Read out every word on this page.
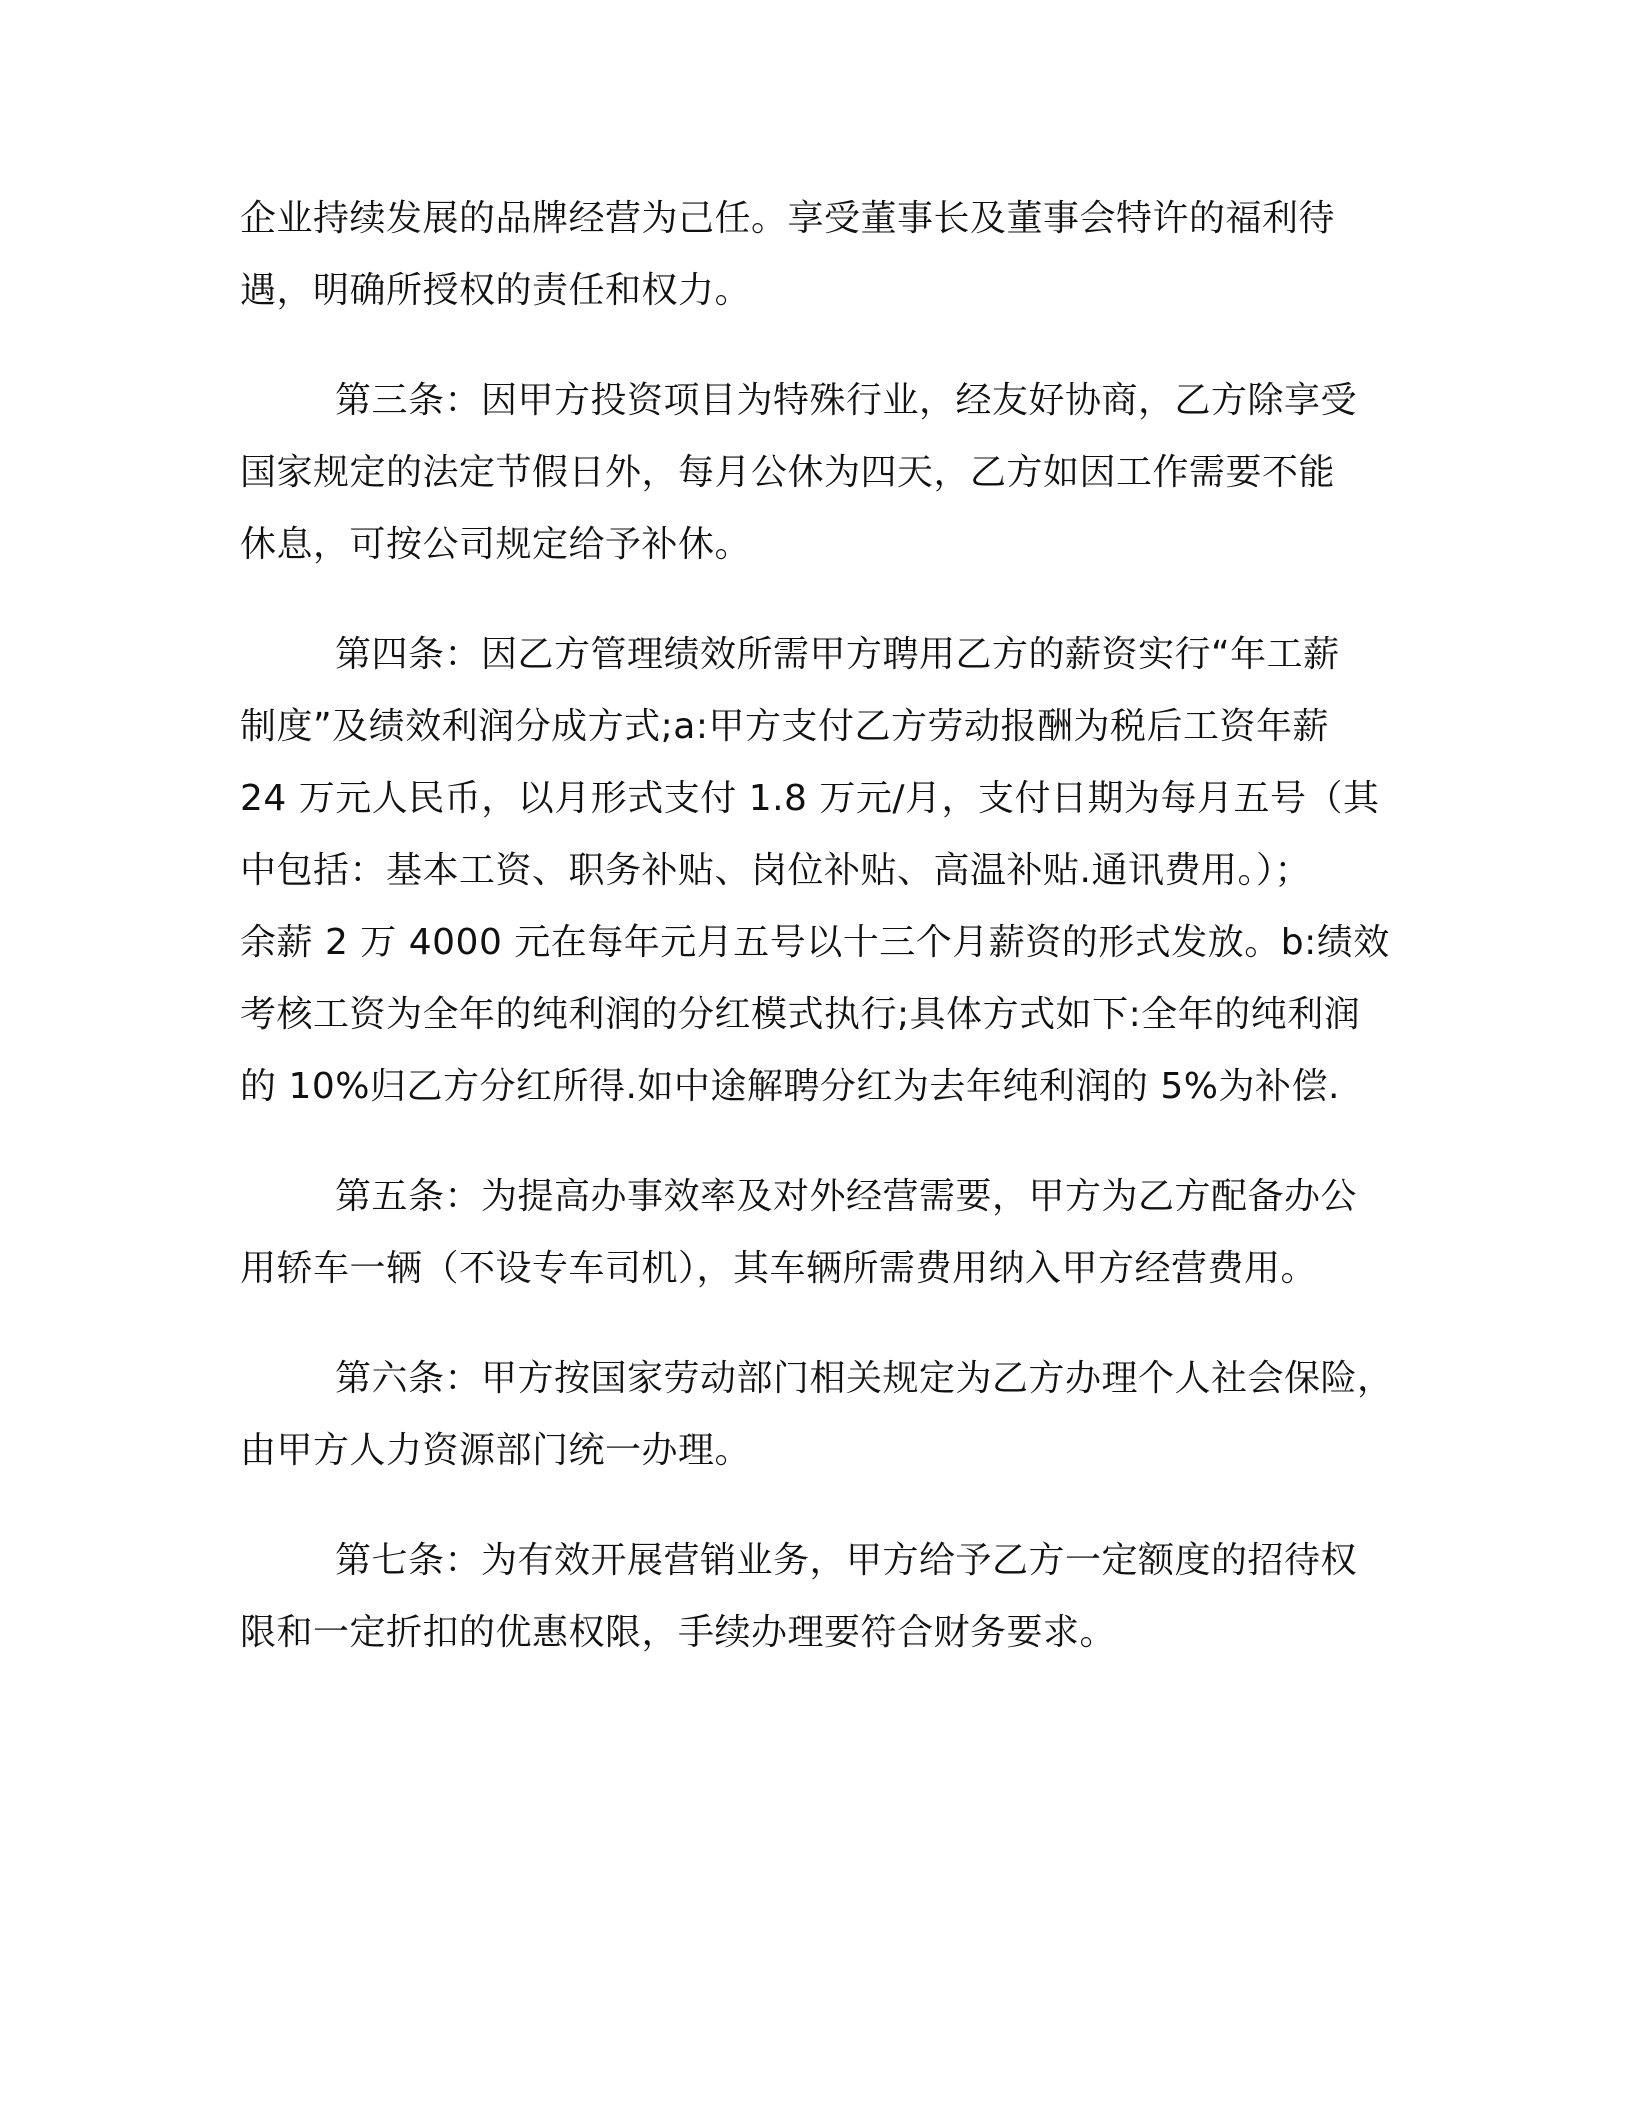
企业持续发展的品牌经营为己任。享受董事长及董事会特许的福利待
遇，明确所授权的责任和权力。

第三条：因甲方投资项目为特殊行业，经友好协商，乙方除享受
国家规定的法定节假日外，每月公休为四天，乙方如因工作需要不能
休息，可按公司规定给予补休。

第四条：因乙方管理绩效所需甲方聘用乙方的薪资实行“年工薪
制度”及绩效利润分成方式;a:甲方支付乙方劳动报酬为税后工资年薪
24 万元人民币，以月形式支付 1.8 万元/月，支付日期为每月五号（其
中包括：基本工资、职务补贴、岗位补贴、高温补贴.通讯费用。）；
余薪 2 万 4000 元在每年元月五号以十三个月薪资的形式发放。b:绩效
考核工资为全年的纯利润的分红模式执行;具体方式如下:全年的纯利润
的 10%归乙方分红所得.如中途解聘分红为去年纯利润的 5%为补偿.

第五条：为提高办事效率及对外经营需要，甲方为乙方配备办公
用轿车一辆（不设专车司机），其车辆所需费用纳入甲方经营费用。

第六条：甲方按国家劳动部门相关规定为乙方办理个人社会保险，
由甲方人力资源部门统一办理。

第七条：为有效开展营销业务，甲方给予乙方一定额度的招待权
限和一定折扣的优惠权限，手续办理要符合财务要求。
